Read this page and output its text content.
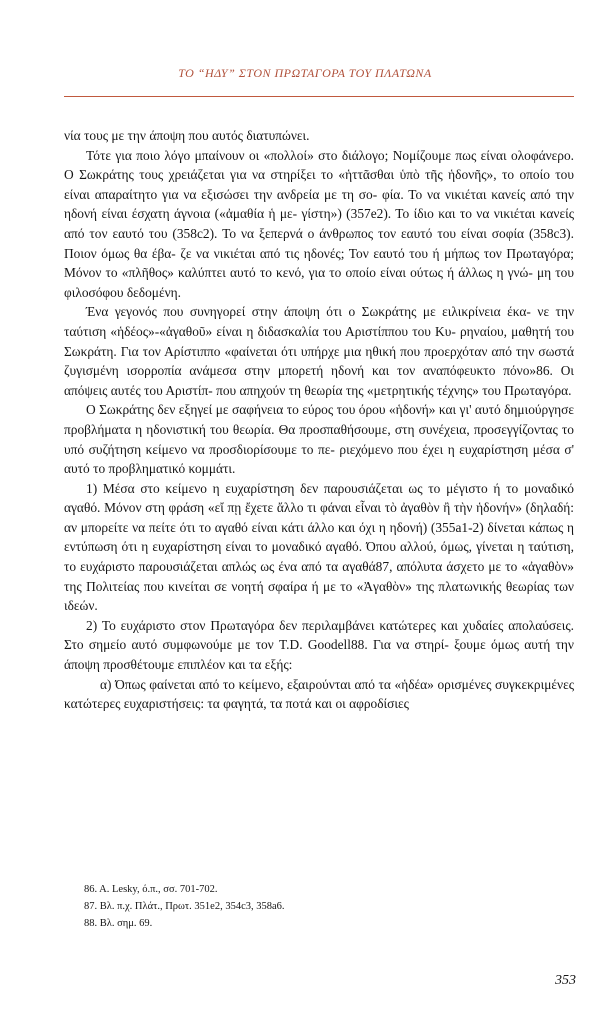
ΤΟ “ΗΔΥ” ΣΤΟΝ ΠΡΩΤΑΓΟΡΑ ΤΟΥ ΠΛΑΤΩΝΑ

νία τους με την άποψη που αυτός διατυπώνει.

Τότε για ποιο λόγο μπαίνουν οι «πολλοί» στο διάλογο; Νομίζουμε πως είναι ολοφάνερο. Ο Σωκράτης τους χρειάζεται για να στηρίξει το «ἡττᾶσθαι ὑπὸ τῆς ἡδονῆς», το οποίο του είναι απαραίτητο για να εξισώσει την ανδρεία με τη σο- φία. Το να νικιέται κανείς από την ηδονή είναι έσχατη άγνοια («ἀμαθία ἡ με- γίστη») (357e2). Το ίδιο και το να νικιέται κανείς από τον εαυτό του (358c2). Το να ξεπερνά ο άνθρωπος τον εαυτό του είναι σοφία (358c3). Ποιον όμως θα έβα- ζε να νικιέται από τις ηδονές; Τον εαυτό του ή μήπως τον Πρωταγόρα; Μόνον το «πλῆθος» καλύπτει αυτό το κενό, για το οποίο είναι ούτως ή άλλως η γνώ- μη του φιλοσόφου δεδομένη.

Ένα γεγονός που συνηγορεί στην άποψη ότι ο Σωκράτης με ειλικρίνεια έκα- νε την ταύτιση «ἡδέος»-«ἀγαθοῦ» είναι η διδασκαλία του Αριστίππου του Κυ- ρηναίου, μαθητή του Σωκράτη. Για τον Αρίστιππο «φαίνεται ότι υπήρχε μια ηθική που προερχόταν από την σωστά ζυγισμένη ισορροπία ανάμεσα στην μπορετή ηδονή και τον αναπόφευκτο πόνο»86. Οι απόψεις αυτές του Αριστίπ- που απηχούν τη θεωρία της «μετρητικής τέχνης» του Πρωταγόρα.

Ο Σωκράτης δεν εξηγεί με σαφήνεια το εύρος του όρου «ἡδονή» και γι' αυτό δημιούργησε προβλήματα η ηδονιστική του θεωρία. Θα προσπαθήσουμε, στη συνέχεια, προσεγγίζοντας το υπό συζήτηση κείμενο να προσδιορίσουμε το πε- ριεχόμενο που έχει η ευχαρίστηση μέσα σ' αυτό το προβληματικό κομμάτι.

1) Μέσα στο κείμενο η ευχαρίστηση δεν παρουσιάζεται ως το μέγιστο ή το μοναδικό αγαθό. Μόνον στη φράση «εἴ πῃ ἔχετε ἄλλο τι φάναι εἶναι τὸ ἀγαθὸν ἢ τὴν ἡδονήν» (δηλαδή: αν μπορείτε να πείτε ότι το αγαθό είναι κάτι άλλο και όχι η ηδονή) (355a1-2) δίνεται κάπως η εντύπωση ότι η ευχαρίστηση είναι το μοναδικό αγαθό. Όπου αλλού, όμως, γίνεται η ταύτιση, το ευχάριστο παρουσιάζεται απλώς ως ένα από τα αγαθά87, απόλυτα άσχετο με το «ἀγαθὸν» της Πολιτείας που κινείται σε νοητή σφαίρα ή με το «Ἀγαθὸν» της πλατωνικής θεωρίας των ιδεών.

2) Το ευχάριστο στον Πρωταγόρα δεν περιλαμβάνει κατώτερες και χυδαίες απολαύσεις. Στο σημείο αυτό συμφωνούμε με τον T.D. Goodell88. Για να στηρί- ξουμε όμως αυτή την άποψη προσθέτουμε επιπλέον και τα εξής:

α) Όπως φαίνεται από το κείμενο, εξαιρούνται από τα «ἡδέα» ορισμένες συγκεκριμένες κατώτερες ευχαριστήσεις: τα φαγητά, τα ποτά και οι αφροδίσιες

86. A. Lesky, ό.π., σσ. 701-702.
87. Βλ. π.χ. Πλάτ., Πρωτ. 351e2, 354c3, 358a6.
88. Βλ. σημ. 69.
353
